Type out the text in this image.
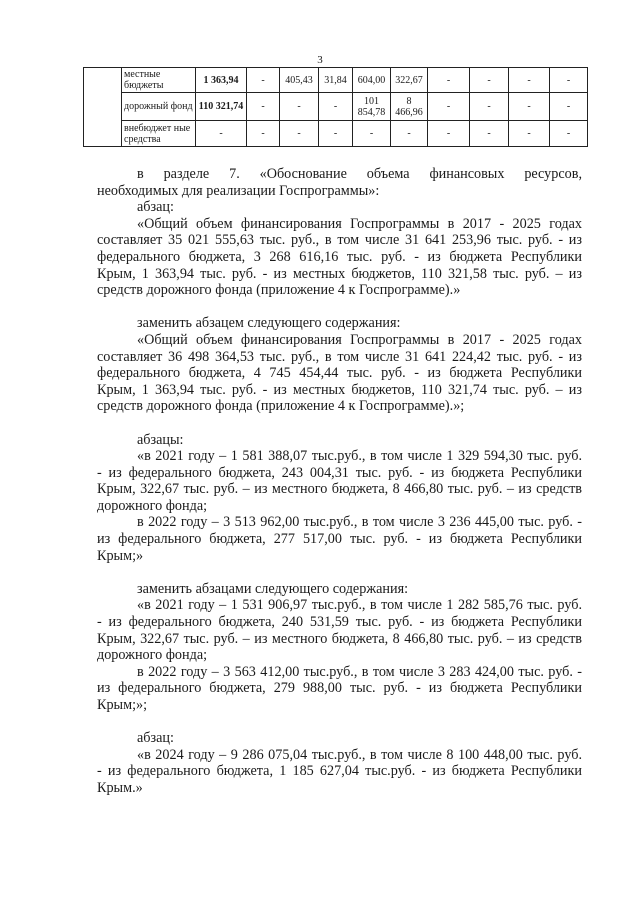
3
	местные бюджеты	1 363,94	-	405,43	31,84	604,00	322,67	-	-	-	-
	дорожный фонд	110 321,74	-	-	-	101 854,78	8 466,96	-	-	-	-
	внебюджет ные средства	-	-	-	-	-	-	-	-	-	-
в разделе 7. «Обоснование объема финансовых ресурсов,
необходимых для реализации Госпрограммы»:
абзац:
«Общий объем финансирования Госпрограммы в 2017 - 2025 годах
составляет 35 021 555,63 тыс. руб., в том числе 31 641 253,96 тыс. руб. - из
федерального бюджета, 3 268 616,16 тыс. руб. - из бюджета Республики
Крым, 1 363,94 тыс. руб. - из местных бюджетов, 110 321,58 тыс. руб. – из
средств дорожного фонда (приложение 4 к Госпрограмме).»
заменить абзацем следующего содержания:
«Общий объем финансирования Госпрограммы в 2017 - 2025 годах
составляет 36 498 364,53 тыс. руб., в том числе 31 641 224,42 тыс. руб. - из
федерального бюджета, 4 745 454,44 тыс. руб. - из бюджета Республики
Крым, 1 363,94 тыс. руб. - из местных бюджетов, 110 321,74 тыс. руб. – из
средств дорожного фонда (приложение 4 к Госпрограмме).»;
абзацы:
«в 2021 году – 1 581 388,07 тыс.руб., в том числе 1 329 594,30 тыс. руб.
- из федерального бюджета, 243 004,31 тыс. руб. - из бюджета Республики
Крым, 322,67 тыс. руб. – из местного бюджета, 8 466,80 тыс. руб. – из средств
дорожного фонда;
в 2022 году – 3 513 962,00 тыс.руб., в том числе 3 236 445,00 тыс. руб. -
из федерального бюджета, 277 517,00 тыс. руб. - из бюджета Республики
Крым;»
заменить абзацами следующего содержания:
«в 2021 году – 1 531 906,97 тыс.руб., в том числе 1 282 585,76 тыс. руб.
- из федерального бюджета, 240 531,59 тыс. руб. - из бюджета Республики
Крым, 322,67 тыс. руб. – из местного бюджета, 8 466,80 тыс. руб. – из средств
дорожного фонда;
в 2022 году – 3 563 412,00 тыс.руб., в том числе 3 283 424,00 тыс. руб. -
из федерального бюджета, 279 988,00 тыс. руб. - из бюджета Республики
Крым;»;
абзац:
«в 2024 году – 9 286 075,04 тыс.руб., в том числе 8 100 448,00 тыс. руб.
- из федерального бюджета, 1 185 627,04 тыс.руб. - из бюджета Республики
Крым.»
